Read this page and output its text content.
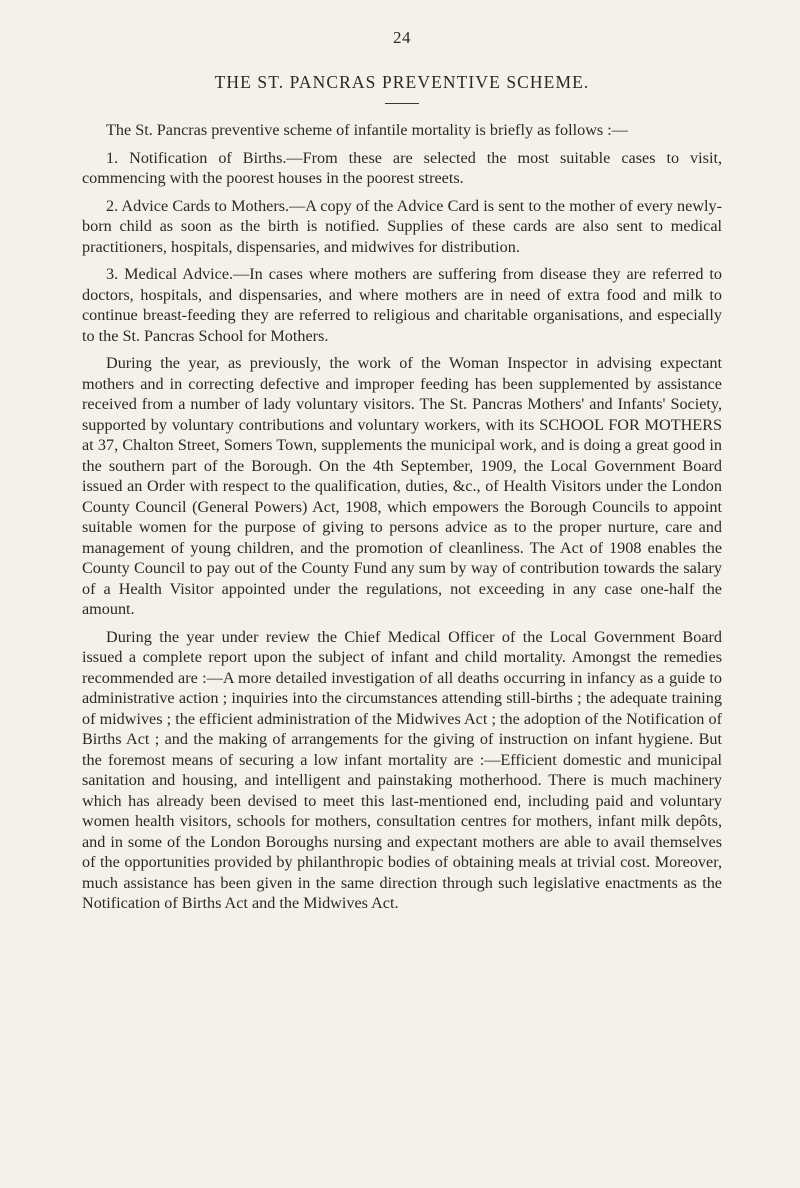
24
THE ST. PANCRAS PREVENTIVE SCHEME.

The St. Pancras preventive scheme of infantile mortality is briefly as follows :—

1. Notification of Births.—From these are selected the most suitable cases to visit, commencing with the poorest houses in the poorest streets.

2. Advice Cards to Mothers.—A copy of the Advice Card is sent to the mother of every newly-born child as soon as the birth is notified. Supplies of these cards are also sent to medical practitioners, hospitals, dispensaries, and midwives for distribution.

3. Medical Advice.—In cases where mothers are suffering from disease they are referred to doctors, hospitals, and dispensaries, and where mothers are in need of extra food and milk to continue breast-feeding they are referred to religious and charitable organisations, and especially to the St. Pancras School for Mothers.

During the year, as previously, the work of the Woman Inspector in advising expectant mothers and in correcting defective and improper feeding has been supplemented by assistance received from a number of lady voluntary visitors. The St. Pancras Mothers' and Infants' Society, supported by voluntary contributions and voluntary workers, with its SCHOOL FOR MOTHERS at 37, Chalton Street, Somers Town, supplements the municipal work, and is doing a great good in the southern part of the Borough. On the 4th September, 1909, the Local Government Board issued an Order with respect to the qualification, duties, &c., of Health Visitors under the London County Council (General Powers) Act, 1908, which empowers the Borough Councils to appoint suitable women for the purpose of giving to persons advice as to the proper nurture, care and management of young children, and the promotion of cleanliness. The Act of 1908 enables the County Council to pay out of the County Fund any sum by way of contribution towards the salary of a Health Visitor appointed under the regulations, not exceeding in any case one-half the amount.

During the year under review the Chief Medical Officer of the Local Government Board issued a complete report upon the subject of infant and child mortality. Amongst the remedies recommended are :—A more detailed investigation of all deaths occurring in infancy as a guide to administrative action ; inquiries into the circumstances attending still-births ; the adequate training of midwives ; the efficient administration of the Midwives Act ; the adoption of the Notification of Births Act ; and the making of arrangements for the giving of instruction on infant hygiene. But the foremost means of securing a low infant mortality are :—Efficient domestic and municipal sanitation and housing, and intelligent and painstaking motherhood. There is much machinery which has already been devised to meet this last-mentioned end, including paid and voluntary women health visitors, schools for mothers, consultation centres for mothers, infant milk depôts, and in some of the London Boroughs nursing and expectant mothers are able to avail themselves of the opportunities provided by philanthropic bodies of obtaining meals at trivial cost. Moreover, much assistance has been given in the same direction through such legislative enactments as the Notification of Births Act and the Midwives Act.
